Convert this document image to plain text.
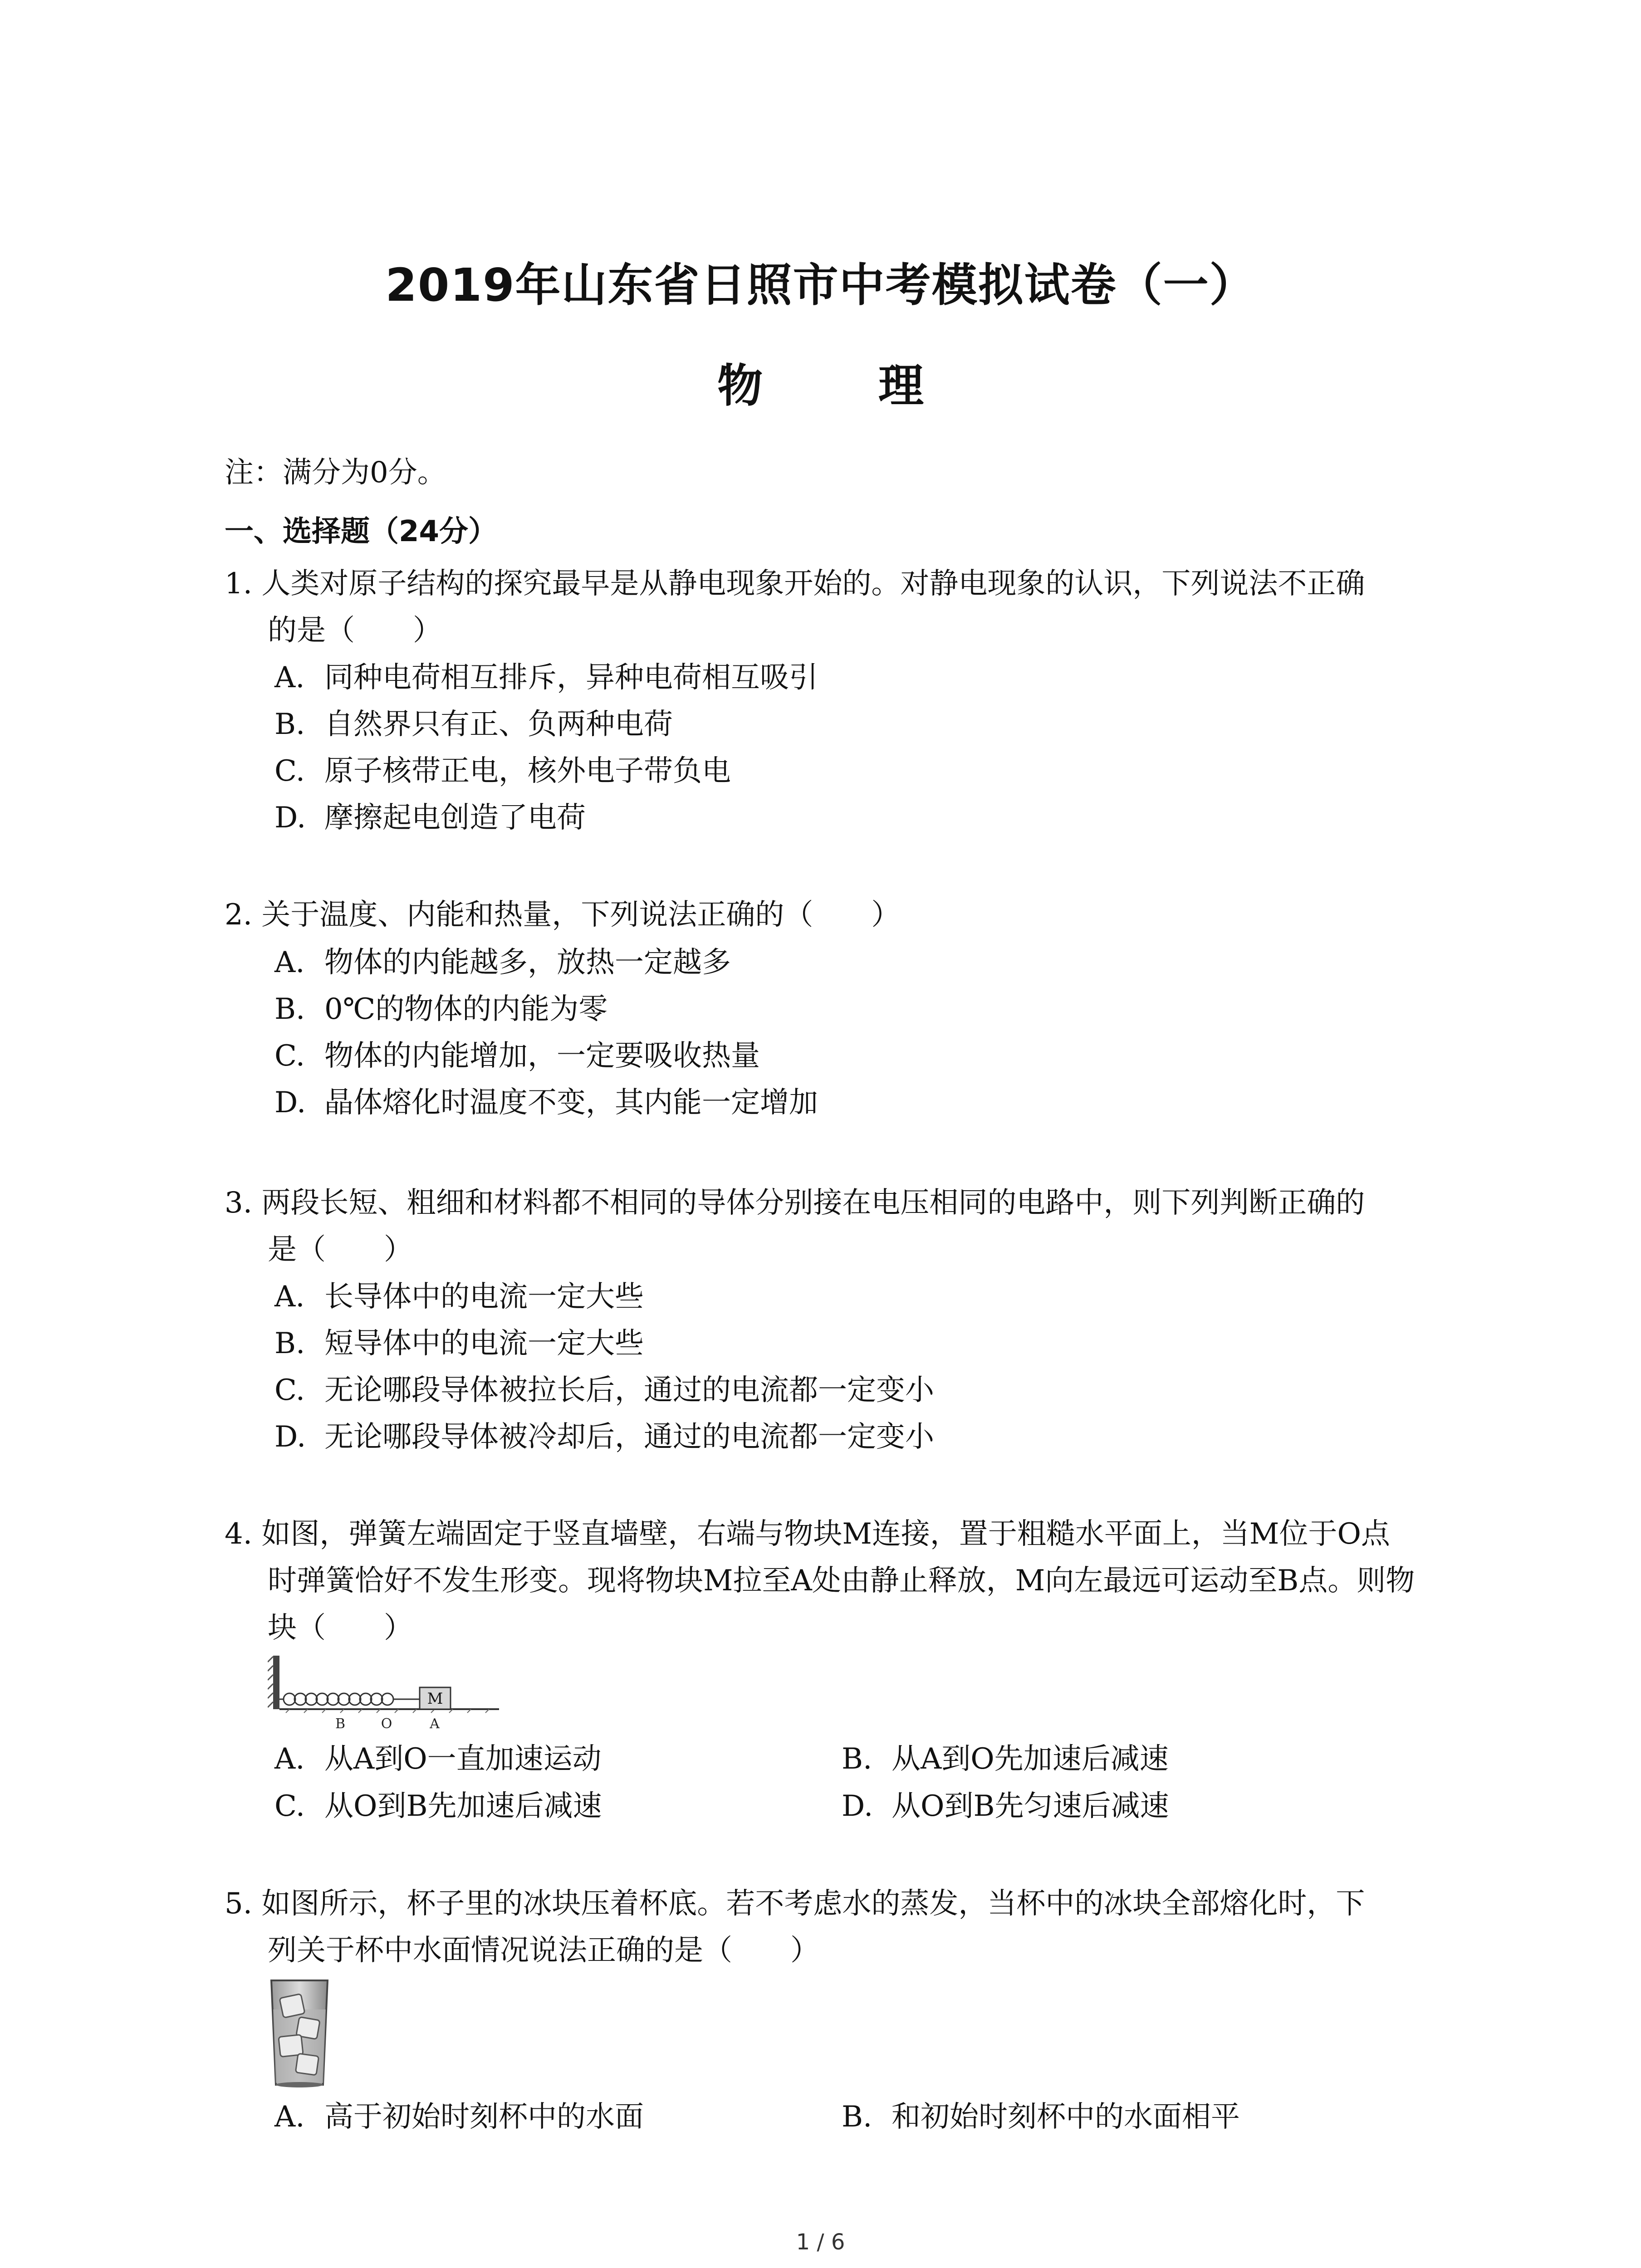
2019年山东省日照市中考模拟试卷（一）
物 理
注：满分为0分。
一、选择题（24分）
1. 人类对原子结构的探究最早是从静电现象开始的。对静电现象的认识，下列说法不正确
的是（　　）
A. 同种电荷相互排斥，异种电荷相互吸引
B. 自然界只有正、负两种电荷
C. 原子核带正电，核外电子带负电
D. 摩擦起电创造了电荷
2. 关于温度、内能和热量，下列说法正确的（　　）
A. 物体的内能越多，放热一定越多
B. 0℃的物体的内能为零
C. 物体的内能增加，一定要吸收热量
D. 晶体熔化时温度不变，其内能一定增加
3. 两段长短、粗细和材料都不相同的导体分别接在电压相同的电路中，则下列判断正确的
是（　　）
A. 长导体中的电流一定大些
B. 短导体中的电流一定大些
C. 无论哪段导体被拉长后，通过的电流都一定变小
D. 无论哪段导体被冷却后，通过的电流都一定变小
4. 如图，弹簧左端固定于竖直墙壁，右端与物块M连接，置于粗糙水平面上，当M位于O点
时弹簧恰好不发生形变。现将物块M拉至A处由静止释放，M向左最远可运动至B点。则物
块（　　）
M
B	O	A
A. 从A到O一直加速运动	B. 从A到O先加速后减速
C. 从O到B先加速后减速	D. 从O到B先匀速后减速
5. 如图所示，杯子里的冰块压着杯底。若不考虑水的蒸发，当杯中的冰块全部熔化时，下
列关于杯中水面情况说法正确的是（　　）
A. 高于初始时刻杯中的水面	B. 和初始时刻杯中的水面相平
1 / 6
